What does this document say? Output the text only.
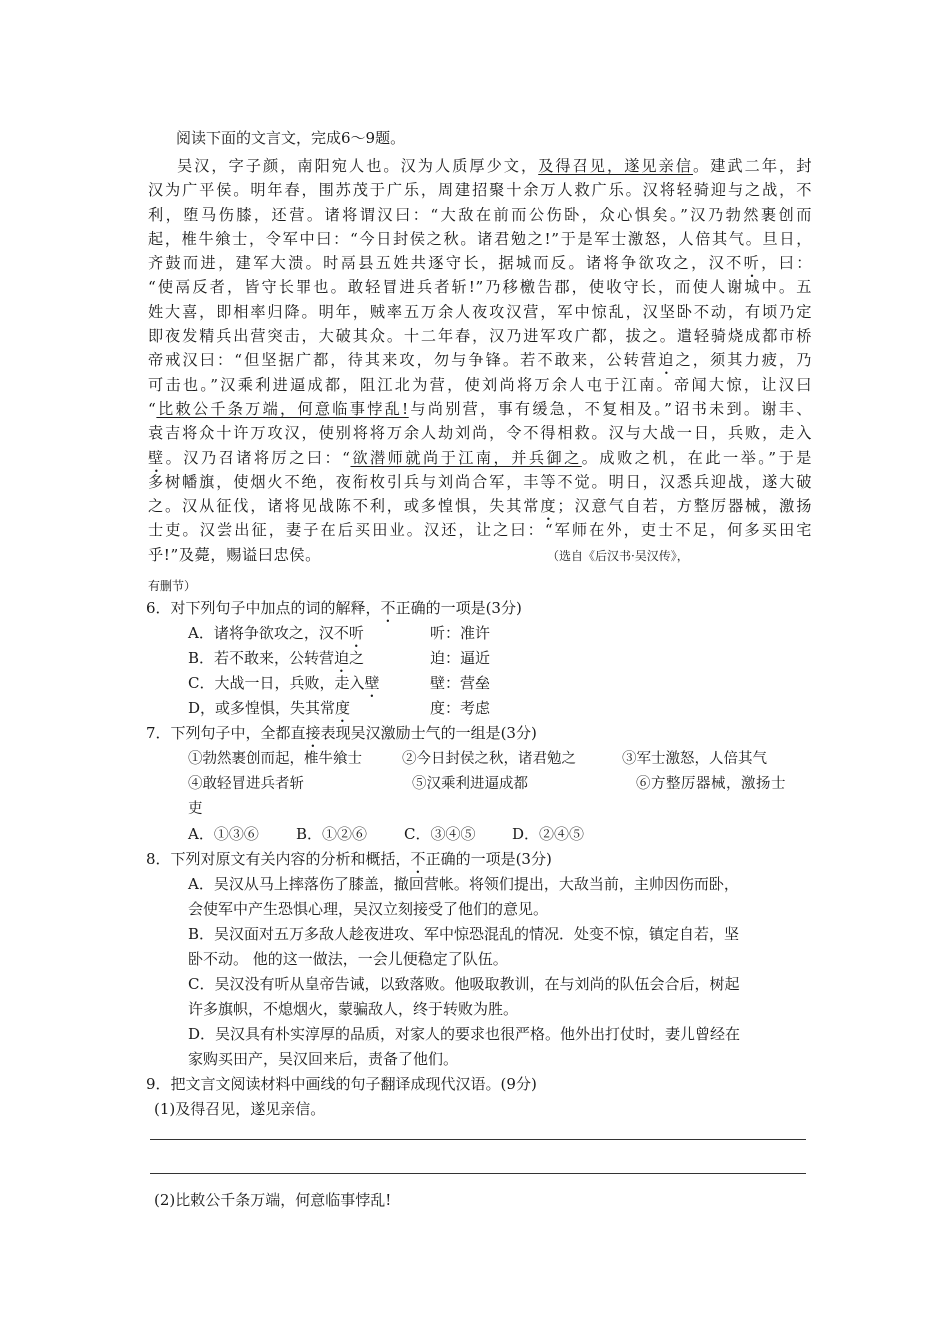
阅读下面的文言文，完成6～9题。
吴汉，字子颜，南阳宛人也。汉为人质厚少文，及得召见，遂见亲信。建武二年，封
汉为广平侯。明年春，围苏茂于广乐，周建招聚十余万人救广乐。汉将轻骑迎与之战，不
利，堕马伤膝，还营。诸将谓汉曰：“大敌在前而公伤卧，众心惧矣。”汉乃勃然裹创而
起，椎牛飨士，令军中曰：“今日封侯之秋。诸君勉之!”于是军士激怒，人倍其气。旦日，
齐鼓而进，建军大溃。时鬲县五姓共逐守长，据城而反。诸将争欲攻之，汉不听，曰：
“使鬲反者，皆守长罪也。敢轻冒进兵者斩!”乃移檄告郡，使收守长，而使人谢城中。五
姓大喜，即相率归降。明年，贼率五万余人夜攻汉营，军中惊乱，汉坚卧不动，有顷乃定
即夜发精兵出营突击，大破其众。十二年春，汉乃进军攻广都，拔之。遣轻骑烧成都市桥
帝戒汉曰：“但坚据广都，待其来攻，勿与争锋。若不敢来，公转营迫之，须其力疲，乃
可击也。”汉乘利进逼成都，阻江北为营，使刘尚将万余人屯于江南。帝闻大惊，让汉曰
“比敕公千条万端，何意临事悖乱!与尚别营，事有缓急，不复相及。”诏书未到。谢丰、
袁吉将众十许万攻汉，使别将将万余人劫刘尚，令不得相救。汉与大战一日，兵败，走入
壁。汉乃召诸将厉之曰：“欲潜师就尚于江南，并兵御之。成败之机，在此一举。”于是
多树幡旗，使烟火不绝，夜衔枚引兵与刘尚合军，丰等不觉。明日，汉悉兵迎战，遂大破
之。汉从征伐，诸将见战陈不利，或多惶惧，失其常度；汉意气自若，方整厉器械，激扬
士吏。汉尝出征，妻子在后买田业。汉还，让之曰：“军师在外，吏士不足，何多买田宅
乎!”及薨，赐谥曰忠侯。	（选自《后汉书·吴汉传》，
有删节）
6．对下列句子中加点的词的解释，不正确的一项是(3分)
A．诸将争欲攻之，汉不听	听：准许
B．若不敢来，公转营迫之	迫：逼近
C．大战一日，兵败，走入壁	壁：营垒
D，或多惶惧，失其常度	度：考虑
7．下列句子中，全都直接表现吴汉激励士气的一组是(3分)
①勃然裹创而起，椎牛飨士	②今日封侯之秋，诸君勉之	③军士激怒，人倍其气
④敢轻冒进兵者斩	⑤汉乘利进逼成都	⑥方整厉器械，激扬士
吏
A．①③⑥ B．①②⑥ C．③④⑤ D．②④⑤
8．下列对原文有关内容的分析和概括，不正确的一项是(3分)
A．吴汉从马上摔落伤了膝盖，撤回营帐。将领们提出，大敌当前，主帅因伤而卧，
会使军中产生恐惧心理，吴汉立刻接受了他们的意见。
B．吴汉面对五万多敌人趁夜进攻、军中惊恐混乱的情况．处变不惊，镇定自若，坚
卧不动。 他的这一做法，一会儿便稳定了队伍。
C．吴汉没有听从皇帝告诫，以致落败。他吸取教训，在与刘尚的队伍会合后，树起
许多旗帜，不熄烟火，蒙骗敌人，终于转败为胜。
D．吴汉具有朴实淳厚的品质，对家人的要求也很严格。他外出打仗时，妻儿曾经在
家购买田产，吴汉回来后，责备了他们。
9．把文言文阅读材料中画线的句子翻译成现代汉语。(9分)
(1)及得召见，遂见亲信。
(2)比敕公千条万端，何意临事悖乱!
